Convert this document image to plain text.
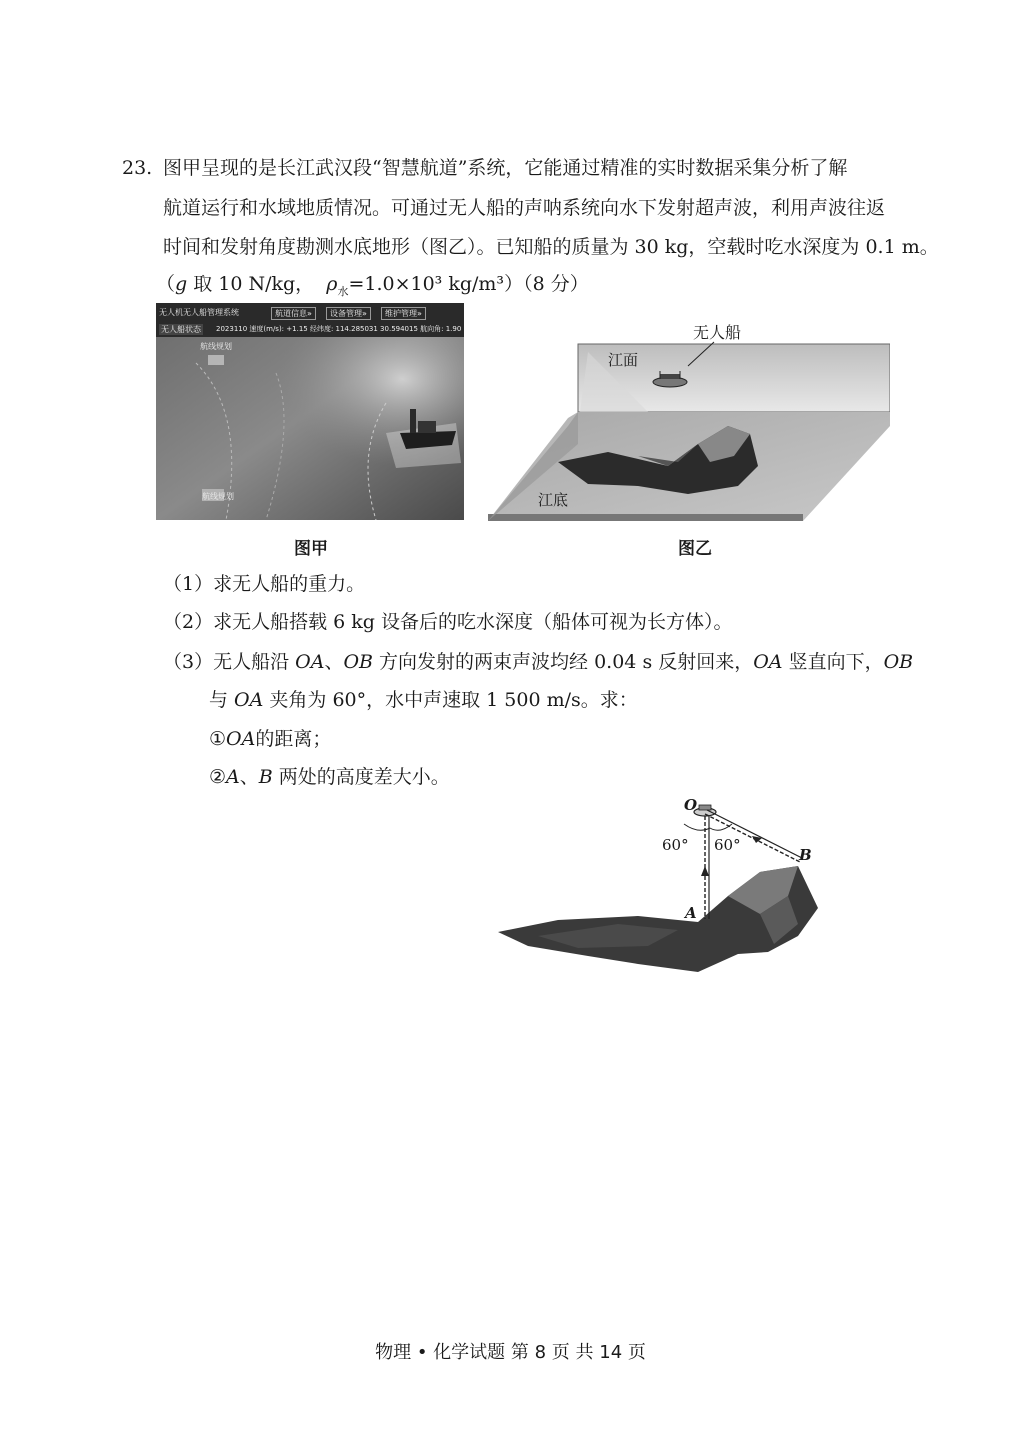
23. 图甲呈现的是长江武汉段“智慧航道”系统，它能通过精准的实时数据采集分析了解
航道运行和水域地质情况。可通过无人船的声呐系统向水下发射超声波，利用声波往返
时间和发射角度勘测水底地形（图乙）。已知船的质量为 30 kg，空载时吃水深度为 0.1 m。
（g 取 10 N/kg， $\rho_水=1.0\times 10^3$ kg/m³）（8 分）
无人机无人船管理系统	航道信息»	设备管理»	维护管理»
无人船状态 2023110 速度(m/s): +1.15 经纬度: 114.285031 30.594015 航向角: 1.90
航线规划
航线规划
图甲
无人船
江面
江底
图乙
（1）求无人船的重力。
（2）求无人船搭载 6 kg 设备后的吃水深度（船体可视为长方体）。
（3）无人船沿 OA、OB 方向发射的两束声波均经 0.04 s 反射回来，OA 竖直向下，OB
与 OA 夹角为 60°，水中声速取 1 500 m/s。求：
①OA的距离；
②A、B 两处的高度差大小。
O
A
B
60° 60°
物理 • 化学试题 第 8 页 共 14 页
